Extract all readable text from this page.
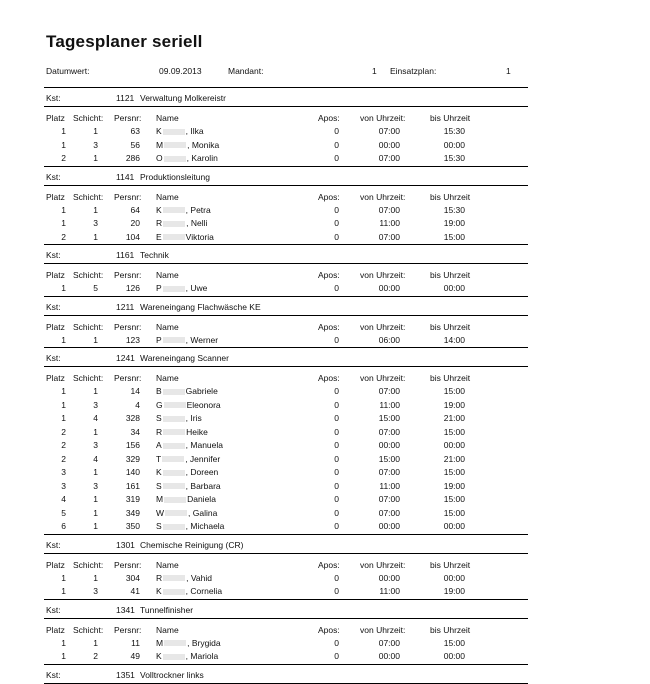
Tagesplaner seriell
Datumwert:	09.09.2013	Mandant:	1 Einsatzplan:	1
Kst:	1121 Verwaltung Molkereistr
Platz Schicht: Persnr: Name	Apos: von Uhrzeit:	bis Uhrzeit
1	1	63 K	, Ilka	0	07:00	15:30
1	3	56 M	, Monika	0	00:00	00:00
2	1	286 O	, Karolin	0	07:00	15:30
Kst:	1141 Produktionsleitung
Platz Schicht: Persnr: Name	Apos: von Uhrzeit:	bis Uhrzeit
1	1	64 K	, Petra	0	07:00	15:30
1	3	20 R	, Nelli	0	11:00	19:00
2	1	104 E	Viktoria	0	07:00	15:00
Kst:	1161 Technik
Platz Schicht: Persnr: Name	Apos: von Uhrzeit:	bis Uhrzeit
1	5	126 P	, Uwe	0	00:00	00:00
Kst:	1211 Wareneingang Flachwäsche KE
Platz Schicht: Persnr: Name	Apos: von Uhrzeit:	bis Uhrzeit
1	1	123 P	, Werner	0	06:00	14:00
Kst:	1241 Wareneingang Scanner
Platz Schicht: Persnr: Name	Apos: von Uhrzeit:	bis Uhrzeit
1	1	14 B	Gabriele	0	07:00	15:00
1	3	4 G	Eleonora	0	11:00	19:00
1	4	328 S	, Iris	0	15:00	21:00
2	1	34 R	Heike	0	07:00	15:00
2	3	156 A	, Manuela	0	00:00	00:00
2	4	329 T	, Jennifer	0	15:00	21:00
3	1	140 K	, Doreen	0	07:00	15:00
3	3	161 S	, Barbara	0	11:00	19:00
4	1	319 M	Daniela	0	07:00	15:00
5	1	349 W	, Galina	0	07:00	15:00
6	1	350 S	, Michaela	0	00:00	00:00
Kst:	1301 Chemische Reinigung (CR)
Platz Schicht: Persnr: Name	Apos: von Uhrzeit:	bis Uhrzeit
1	1	304 R	, Vahid	0	00:00	00:00
1	3	41 K	, Cornelia	0	11:00	19:00
Kst:	1341 Tunnelfinisher
Platz Schicht: Persnr: Name	Apos: von Uhrzeit:	bis Uhrzeit
1	1	11 M	, Brygida	0	07:00	15:00
1	2	49 K	, Mariola	0	00:00	00:00
Kst:	1351 Volltrockner links
